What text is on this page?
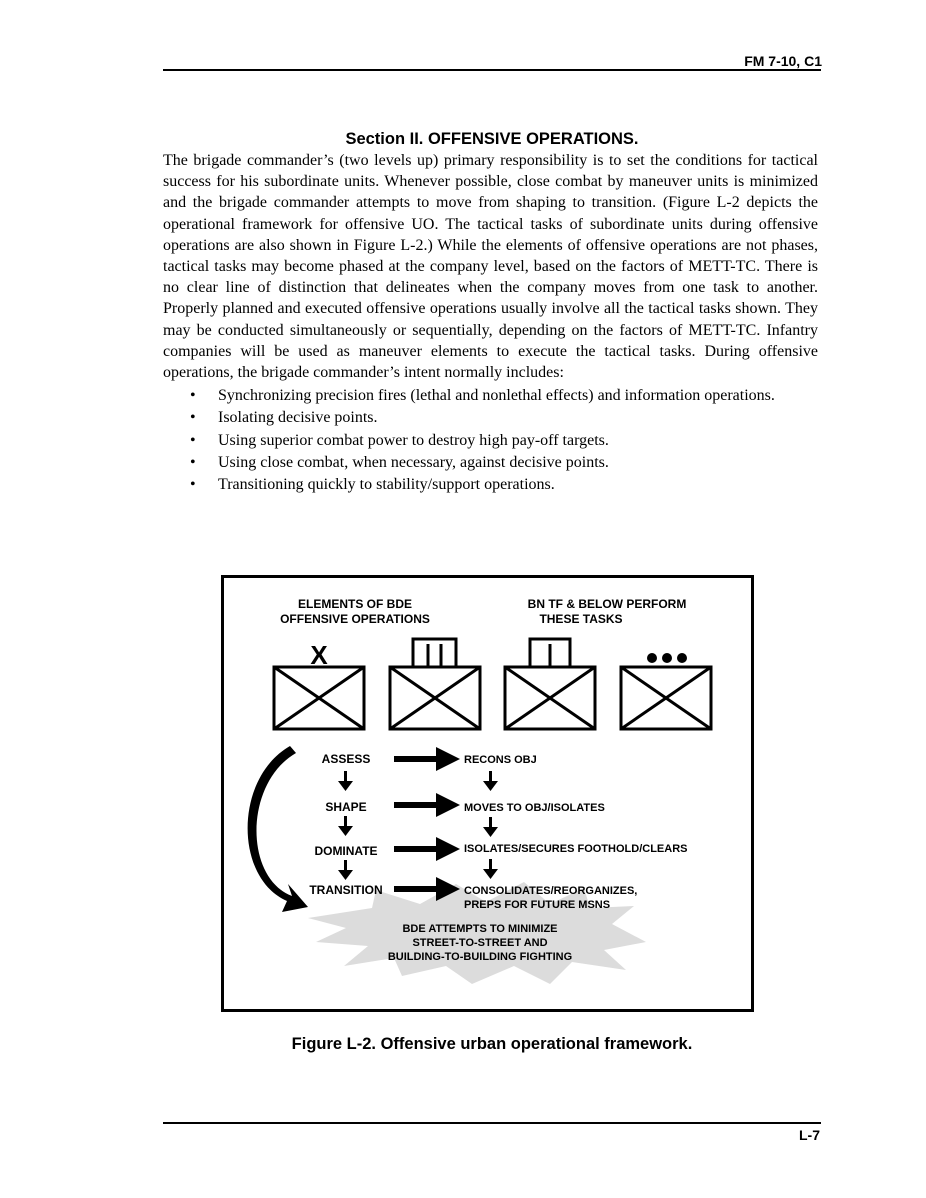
FM 7-10, C1
Section II. OFFENSIVE OPERATIONS.

The brigade commander’s (two levels up) primary responsibility is to set the conditions for tactical success for his subordinate units. Whenever possible, close combat by maneuver units is minimized and the brigade commander attempts to move from shaping to transition. (Figure L-2 depicts the operational framework for offensive UO. The tactical tasks of subordinate units during offensive operations are also shown in Figure L-2.) While the elements of offensive operations are not phases, tactical tasks may become phased at the company level, based on the factors of METT-TC. There is no clear line of distinction that delineates when the company moves from one task to another. Properly planned and executed offensive operations usually involve all the tactical tasks shown. They may be conducted simultaneously or sequentially, depending on the factors of METT-TC. Infantry companies will be used as maneuver elements to execute the tactical tasks. During offensive operations, the brigade commander’s intent normally includes:

• Synchronizing precision fires (lethal and nonlethal effects) and information operations.
• Isolating decisive points.
• Using superior combat power to destroy high pay-off targets.
• Using close combat, when necessary, against decisive points.
• Transitioning quickly to stability/support operations.
ELEMENTS OF BDE
OFFENSIVE OPERATIONS
BN TF & BELOW PERFORM
THESE TASKS
X
BDE ATTEMPTS TO MINIMIZE
STREET-TO-STREET AND
BUILDING-TO-BUILDING FIGHTING
ASSESS
SHAPE
DOMINATE
TRANSITION
RECONS OBJ
MOVES TO OBJ/ISOLATES
ISOLATES/SECURES FOOTHOLD/CLEARS
CONSOLIDATES/REORGANIZES,
PREPS FOR FUTURE MSNS
Figure L-2. Offensive urban operational framework.
L-7
